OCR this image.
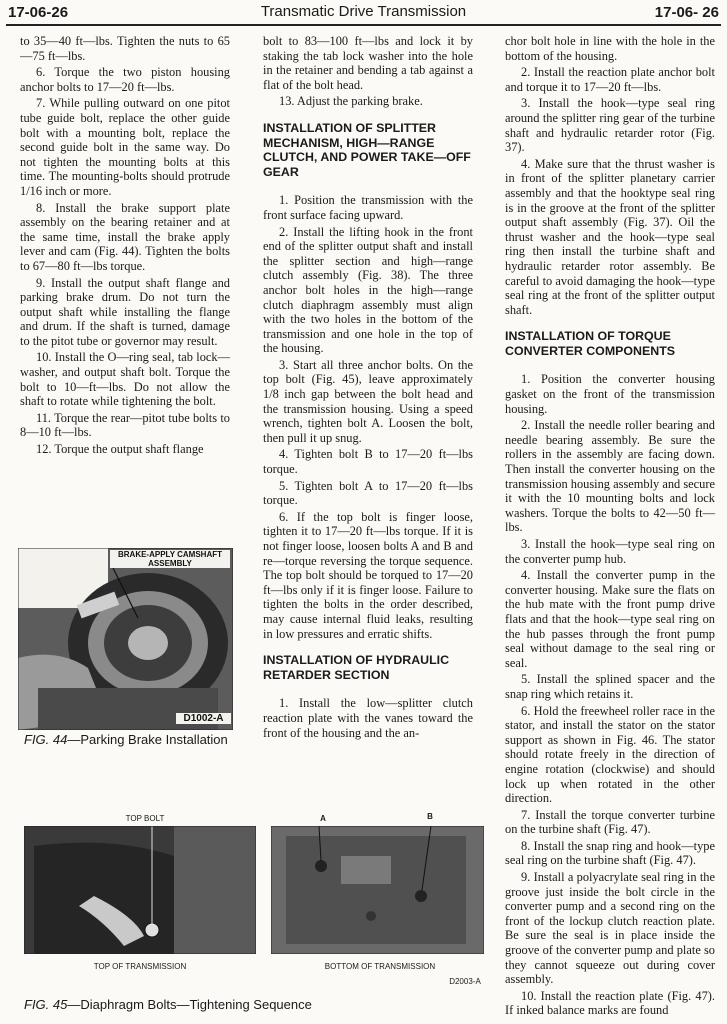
17-06-26	Transmatic Drive Transmission	17-06- 26

to 35—40 ft—lbs. Tighten the nuts to 65—75 ft—lbs.

6. Torque the two piston housing anchor bolts to 17—20 ft—lbs.

7. While pulling outward on one pitot tube guide bolt, replace the other guide bolt with a mounting bolt, replace the second guide bolt in the same way. Do not tighten the mounting bolts at this time. The mounting-bolts should protrude 1/16 inch or more.

8. Install the brake support plate assembly on the bearing retainer and at the same time, install the brake apply lever and cam (Fig. 44). Tighten the bolts to 67—80 ft—lbs torque.

9. Install the output shaft flange and parking brake drum. Do not turn the output shaft while installing the flange and drum. If the shaft is turned, damage to the pitot tube or governor may result.

10. Install the O—ring seal, tab lock—washer, and output shaft bolt. Torque the bolt to 10—ft—lbs. Do not allow the shaft to rotate while tightening the bolt.

11. Torque the rear—pitot tube bolts to 8—10 ft—lbs.

12. Torque the output shaft flange

BRAKE-APPLY CAMSHAFT ASSEMBLY
D1002-A
FIG. 44—Parking Brake Installation

bolt to 83—100 ft—lbs and lock it by staking the tab lock washer into the hole in the retainer and bending a tab against a flat of the bolt head.

13. Adjust the parking brake.

INSTALLATION OF SPLITTER MECHANISM, HIGH—RANGE CLUTCH, AND POWER TAKE—OFF GEAR

1. Position the transmission with the front surface facing upward.

2. Install the lifting hook in the front end of the splitter output shaft and install the splitter section and high—range clutch assembly (Fig. 38). The three anchor bolt holes in the high—range clutch diaphragm assembly must align with the two holes in the bottom of the transmission and one hole in the top of the housing.

3. Start all three anchor bolts. On the top bolt (Fig. 45), leave approximately 1/8 inch gap between the bolt head and the transmission housing. Using a speed wrench, tighten bolt A. Loosen the bolt, then pull it up snug.

4. Tighten bolt B to 17—20 ft—lbs torque.

5. Tighten bolt A to 17—20 ft—lbs torque.

6. If the top bolt is finger loose, tighten it to 17—20 ft—lbs torque. If it is not finger loose, loosen bolts A and B and re—torque reversing the torque sequence. The top bolt should be torqued to 17—20 ft—lbs only if it is finger loose. Failure to tighten the bolts in the order described, may cause internal fluid leaks, resulting in low pressures and erratic shifts.

INSTALLATION OF HYDRAULIC RETARDER SECTION

1. Install the low—splitter clutch reaction plate with the vanes toward the front of the housing and the an-

chor bolt hole in line with the hole in the bottom of the housing.

2. Install the reaction plate anchor bolt and torque it to 17—20 ft—lbs.

3. Install the hook—type seal ring around the splitter ring gear of the turbine shaft and hydraulic retarder rotor (Fig. 37).

4. Make sure that the thrust washer is in front of the splitter planetary carrier assembly and that the hooktype seal ring is in the groove at the front of the splitter output shaft assembly (Fig. 37). Oil the thrust washer and the hook—type seal ring then install the turbine shaft and hydraulic retarder rotor assembly. Be careful to avoid damaging the hook—type seal ring at the front of the splitter output shaft.

INSTALLATION OF TORQUE CONVERTER COMPONENTS

1. Position the converter housing gasket on the front of the transmission housing.

2. Install the needle roller bearing and needle bearing assembly. Be sure the rollers in the assembly are facing down. Then install the converter housing on the transmission housing assembly and secure it with the 10 mounting bolts and lock washers. Torque the bolts to 42—50 ft—lbs.

3. Install the hook—type seal ring on the converter pump hub.

4. Install the converter pump in the converter housing. Make sure the flats on the hub mate with the front pump drive flats and that the hook—type seal ring on the hub passes through the front pump seal without damage to the seal ring or seal.

5. Install the splined spacer and the snap ring which retains it.

6. Hold the freewheel roller race in the stator, and install the stator on the stator support as shown in Fig. 46. The stator should rotate freely in the direction of engine rotation (clockwise) and should lock up when rotated in the other direction.

7. Install the torque converter turbine on the turbine shaft (Fig. 47).

8. Install the snap ring and hook—type seal ring on the turbine shaft (Fig. 47).

9. Install a polyacrylate seal ring in the groove just inside the bolt circle in the converter pump and a second ring on the front of the lockup clutch reaction plate. Be sure the seal is in place inside the groove of the converter pump and plate so they cannot squeeze out during cover assembly.

10. Install the reaction plate (Fig. 47). If inked balance marks are found

TOP BOLT
TOP OF TRANSMISSION
A	B
BOTTOM OF TRANSMISSION
D2003-A
FIG. 45—Diaphragm Bolts—Tightening Sequence
